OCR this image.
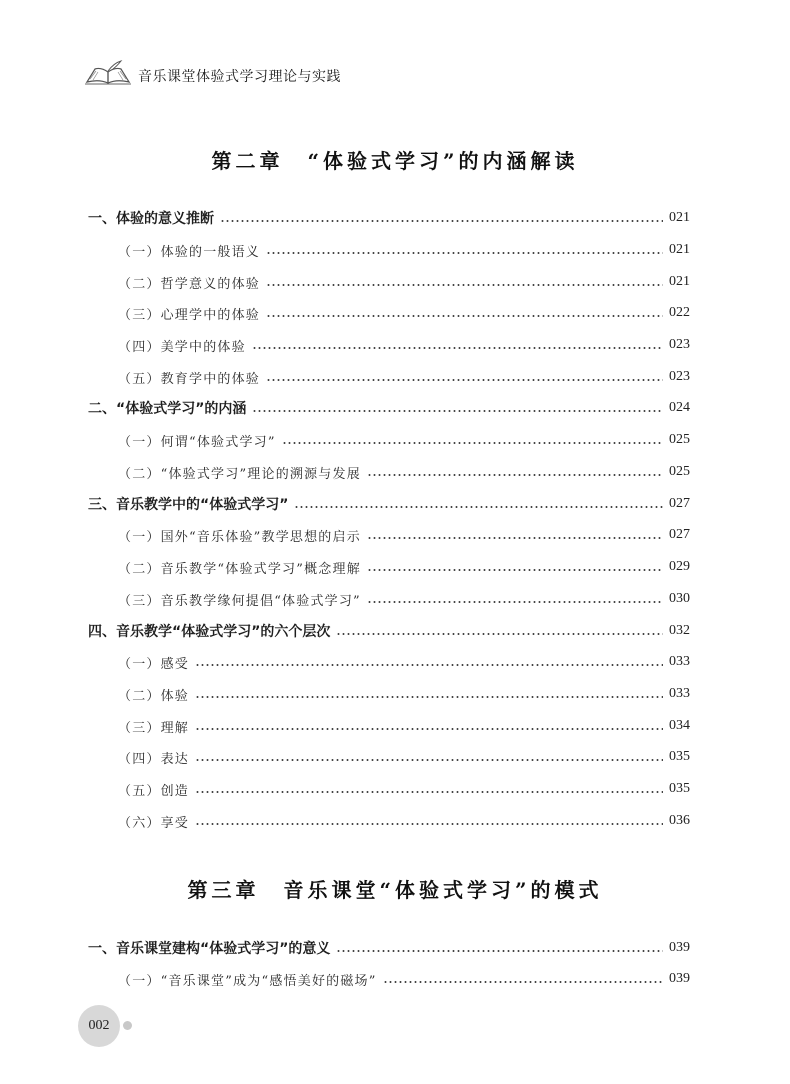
音乐课堂体验式学习理论与实践
第二章 “体验式学习”的内涵解读
一、体验的意义推断	021
（一）体验的一般语义	021
（二）哲学意义的体验	021
（三）心理学中的体验	022
（四）美学中的体验	023
（五）教育学中的体验	023
二、“体验式学习”的内涵	024
（一）何谓“体验式学习”	025
（二）“体验式学习”理论的溯源与发展	025
三、音乐教学中的“体验式学习”	027
（一）国外“音乐体验”教学思想的启示	027
（二）音乐教学“体验式学习”概念理解	029
（三）音乐教学缘何提倡“体验式学习”	030
四、音乐教学“体验式学习”的六个层次	032
（一）感受	033
（二）体验	033
（三）理解	034
（四）表达	035
（五）创造	035
（六）享受	036
第三章 音乐课堂“体验式学习”的模式
一、音乐课堂建构“体验式学习”的意义	039
（一）“音乐课堂”成为“感悟美好的磁场”	039
002
